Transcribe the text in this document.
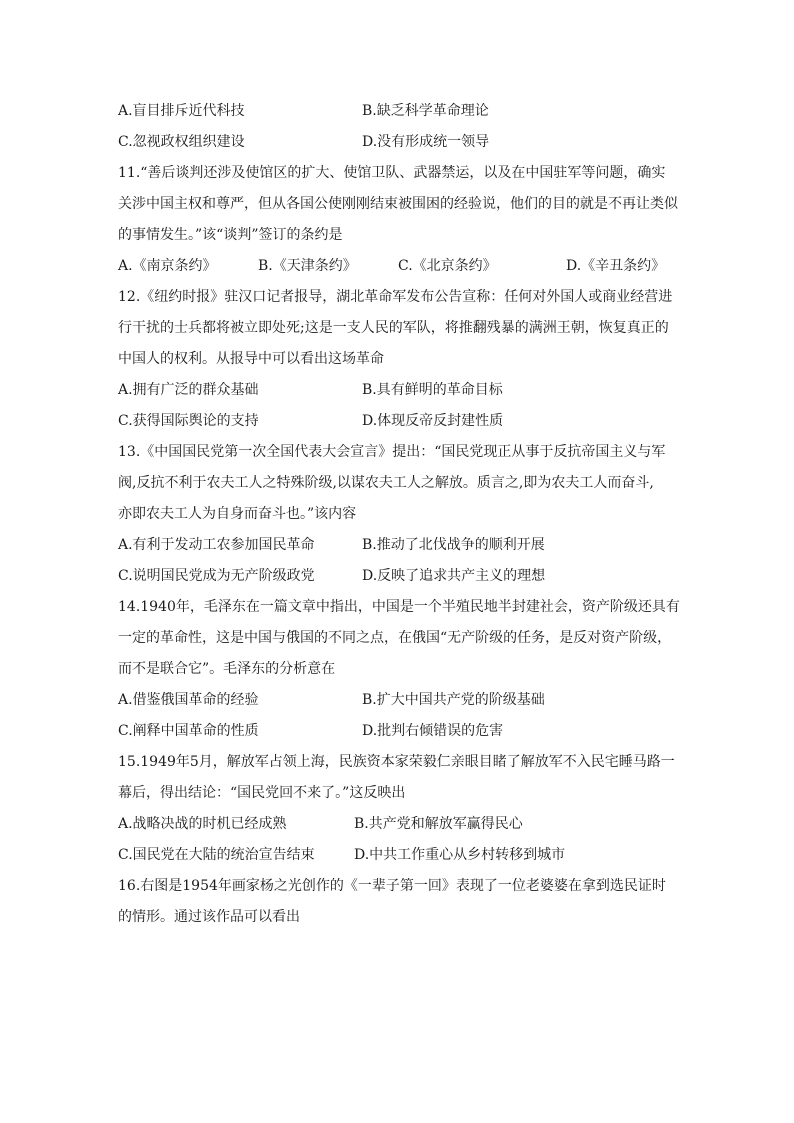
A.盲目排斥近代科技	B.缺乏科学革命理论
C.忽视政权组织建设	D.没有形成统一领导
11.“善后谈判还涉及使馆区的扩大、使馆卫队、武器禁运，以及在中国驻军等问题，确实
关涉中国主权和尊严，但从各国公使刚刚结束被围困的经验说，他们的目的就是不再让类似
的事情发生。”该“谈判”签订的条约是
A.《南京条约》	B.《天津条约》	C.《北京条约》	D.《辛丑条约》
12.《纽约时报》驻汉口记者报导，湖北革命军发布公告宣称：任何对外国人或商业经营进
行干扰的士兵都将被立即处死;这是一支人民的军队，将推翻残暴的满洲王朝，恢复真正的
中国人的权利。从报导中可以看出这场革命
A.拥有广泛的群众基础	B.具有鲜明的革命目标
C.获得国际舆论的支持	D.体现反帝反封建性质
13.《中国国民党第一次全国代表大会宣言》提出：“国民党现正从事于反抗帝国主义与军
阀,反抗不利于农夫工人之特殊阶级,以谋农夫工人之解放。质言之,即为农夫工人而奋斗,
亦即农夫工人为自身而奋斗也。”该内容
A.有利于发动工农参加国民革命	B.推动了北伐战争的顺利开展
C.说明国民党成为无产阶级政党	D.反映了追求共产主义的理想
14.1940年，毛泽东在一篇文章中指出，中国是一个半殖民地半封建社会，资产阶级还具有
一定的革命性，这是中国与俄国的不同之点，在俄国“无产阶级的任务，是反对资产阶级，
而不是联合它”。毛泽东的分析意在
A.借鉴俄国革命的经验	B.扩大中国共产党的阶级基础
C.阐释中国革命的性质	D.批判右倾错误的危害
15.1949年5月，解放军占领上海，民族资本家荣毅仁亲眼目睹了解放军不入民宅睡马路一
幕后，得出结论：“国民党回不来了。”这反映出
A.战略决战的时机已经成熟	B.共产党和解放军赢得民心
C.国民党在大陆的统治宣告结束	D.中共工作重心从乡村转移到城市
16.右图是1954年画家杨之光创作的《一辈子第一回》表现了一位老婆婆在拿到选民证时
的情形。通过该作品可以看出
